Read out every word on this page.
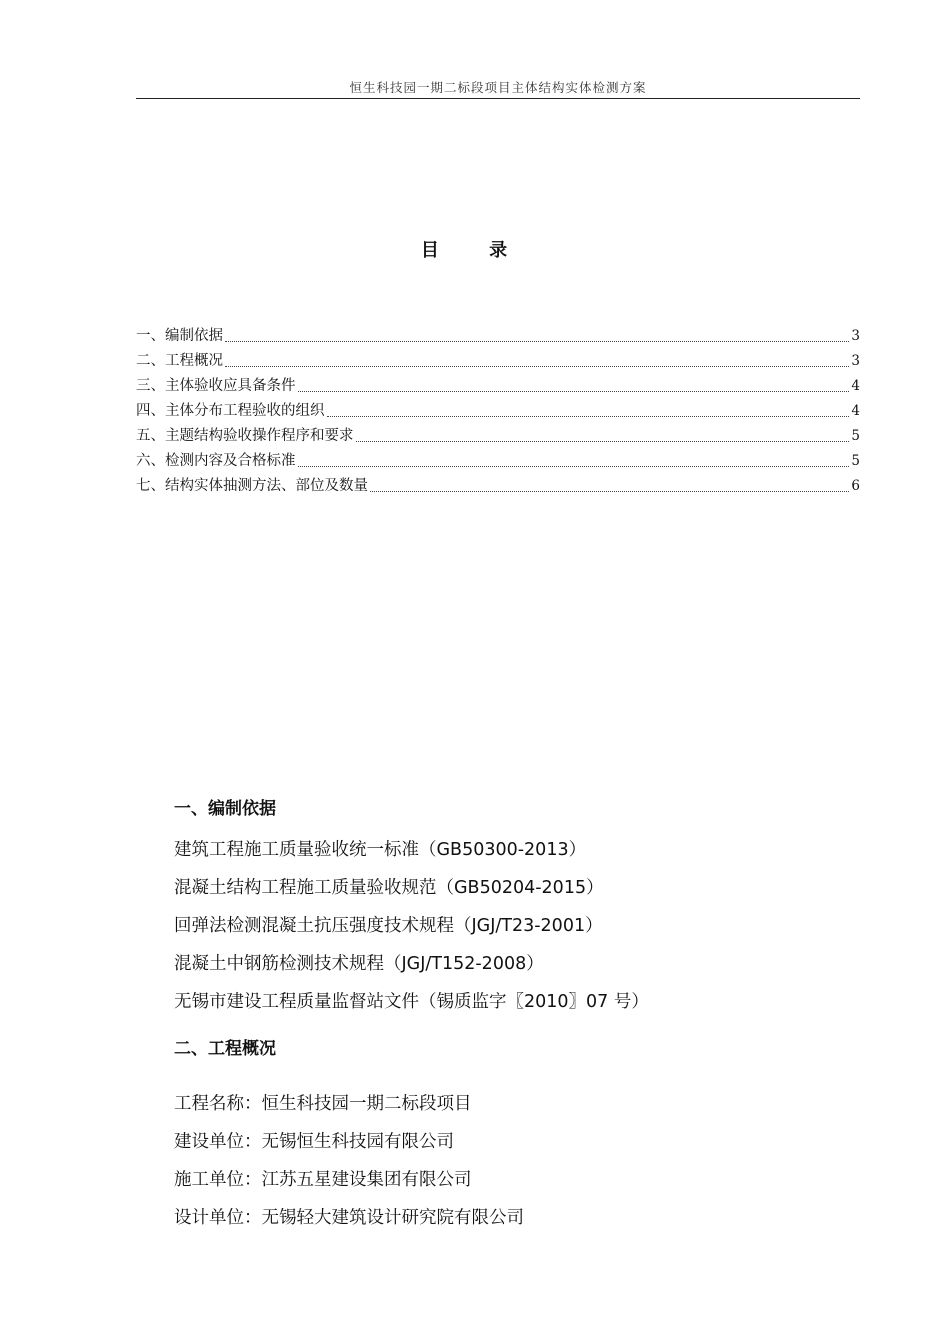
恒生科技园一期二标段项目主体结构实体检测方案
目 录
一、编制依据	3
二、工程概况	3
三、主体验收应具备条件	4
四、主体分布工程验收的组织	4
五、主题结构验收操作程序和要求	5
六、检测内容及合格标准	5
七、结构实体抽测方法、部位及数量	6
一、编制依据
建筑工程施工质量验收统一标准（GB50300-2013）
混凝土结构工程施工质量验收规范（GB50204-2015）
回弹法检测混凝土抗压强度技术规程（JGJ/T23-2001）
混凝土中钢筋检测技术规程（JGJ/T152-2008）
无锡市建设工程质量监督站文件（锡质监字〖2010〗07 号）
二、工程概况
工程名称：恒生科技园一期二标段项目
建设单位：无锡恒生科技园有限公司
施工单位：江苏五星建设集团有限公司
设计单位：无锡轻大建筑设计研究院有限公司
